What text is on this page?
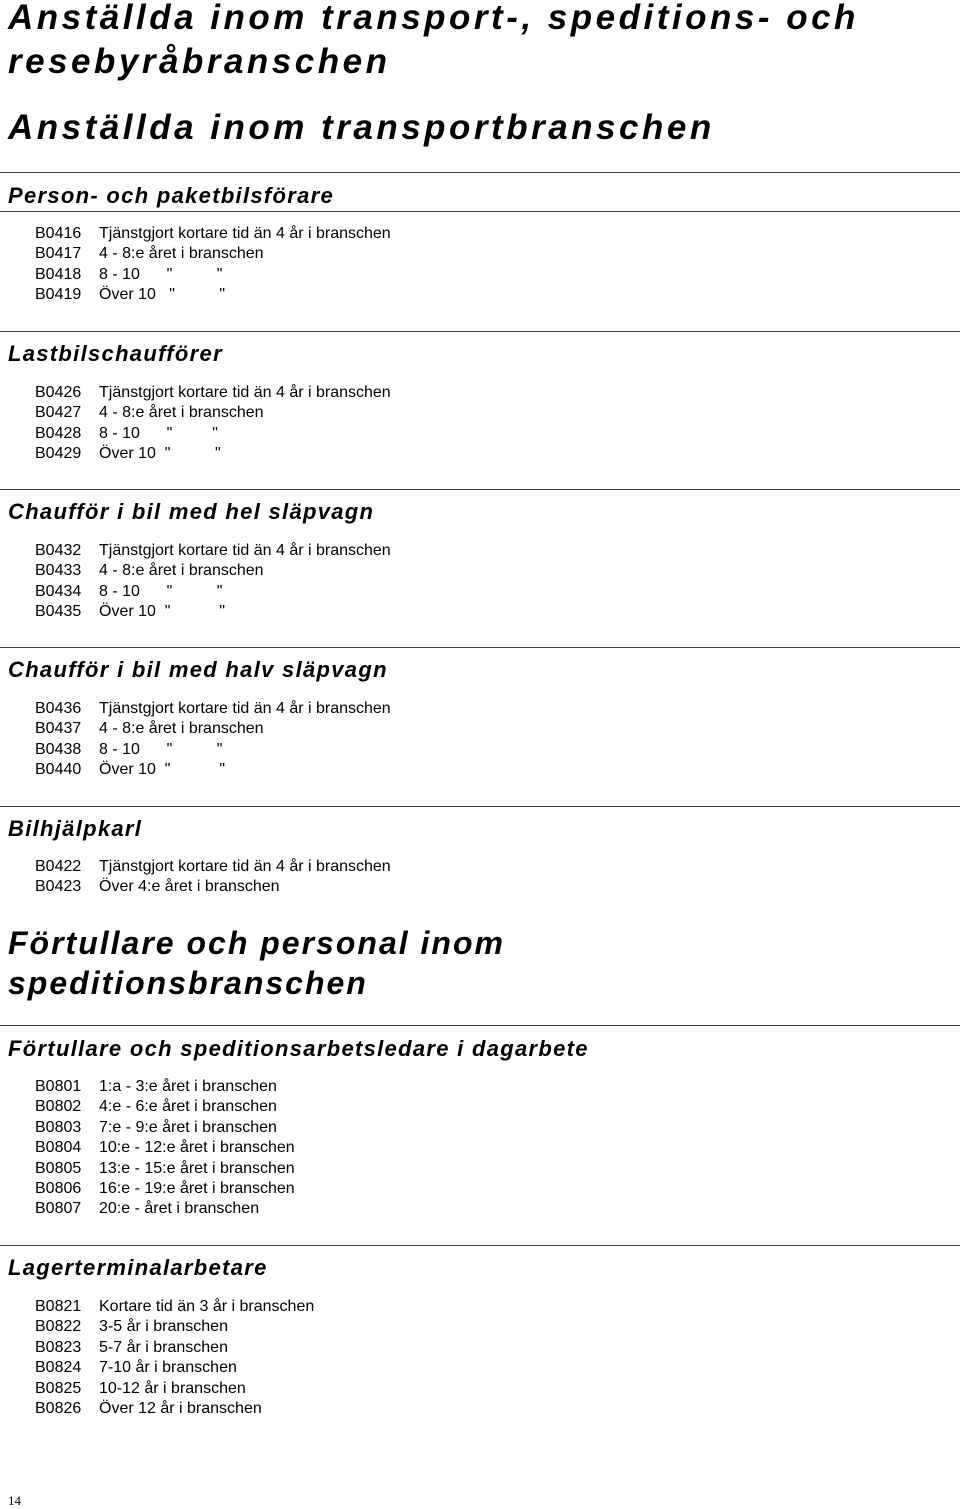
Anställda inom transport-, speditions- och
resebyråbranschen
Anställda inom transportbranschen
Person- och paketbilsförare
B0416 Tjänstgjort kortare tid än 4 år i branschen
B0417 4 - 8:e året i branschen
B0418 8 - 10      "          "
B0419 Över 10   "          "
Lastbilschaufförer
B0426 Tjänstgjort kortare tid än 4 år i branschen
B0427 4 - 8:e året i branschen
B0428 8 - 10      "         "
B0429 Över 10  "          "
Chaufför i bil med hel släpvagn
B0432 Tjänstgjort kortare tid än 4 år i branschen
B0433 4 - 8:e året i branschen
B0434 8 - 10      "          "
B0435 Över 10  "           "
Chaufför i bil med halv släpvagn
B0436 Tjänstgjort kortare tid än 4 år i branschen
B0437 4 - 8:e året i branschen
B0438 8 - 10      "          "
B0440 Över 10  "           "
Bilhjälpkarl
B0422 Tjänstgjort kortare tid än 4 år i branschen
B0423 Över 4:e året i branschen
Förtullare och personal inom
speditionsbranschen
Förtullare och speditionsarbetsledare i dagarbete
B0801 1:a - 3:e året i branschen
B0802 4:e - 6:e året i branschen
B0803 7:e - 9:e året i branschen
B0804 10:e - 12:e året i branschen
B0805 13:e - 15:e året i branschen
B0806 16:e - 19:e året i branschen
B0807 20:e - året i branschen
Lagerterminalarbetare
B0821 Kortare tid än 3 år i branschen
B0822 3-5 år i branschen
B0823 5-7 år i branschen
B0824 7-10 år i branschen
B0825 10-12 år i branschen
B0826 Över 12 år i branschen
14
